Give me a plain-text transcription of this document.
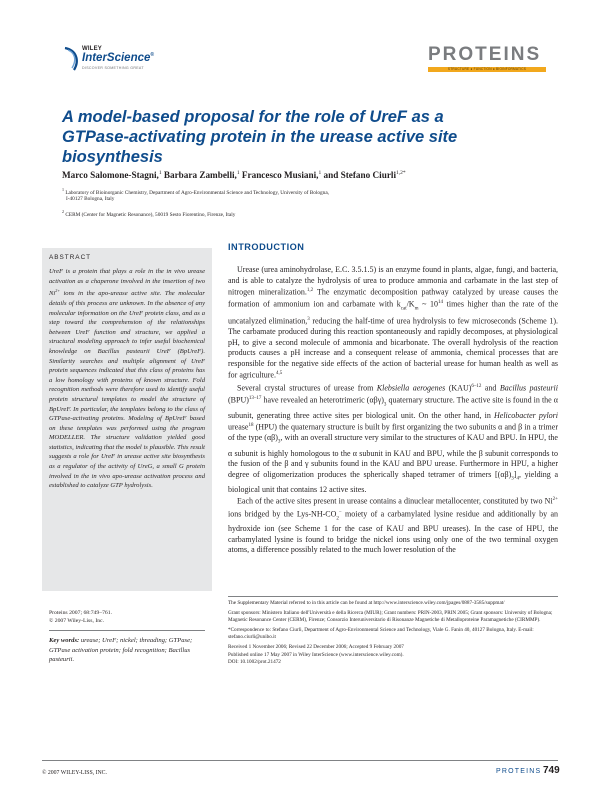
WILEY
InterScience®
DISCOVER SOMETHING GREAT
PROTEINS
STRUCTURE ● FUNCTION ● BIOINFORMATICS
A model-based proposal for the role of UreF as a GTPase-activating protein in the urease active site biosynthesis
Marco Salomone-Stagni,$^1$ Barbara Zambelli,$^1$ Francesco Musiani,$^1$ and Stefano Ciurli$^{1,2*}$
$^1$ Laboratory of Bioinorganic Chemistry, Department of Agro-Environmental Science and Technology, University of Bologna,
I-40127 Bologna, Italy
$^2$ CERM (Center for Magnetic Resonance), 50019 Sesto Fiorentino, Firenze, Italy
ABSTRACT
UreF is a protein that plays a role in the in vivo urease activation as a chaperone involved in the insertion of two $Ni^{2+}$ ions in the apo-urease active site. The molecular details of this process are unknown. In the absence of any molecular information on the UreF protein class, and as a step toward the comprehension of the relationships between UreF function and structure, we applied a structural modeling approach to infer useful biochemical knowledge on Bacillus pasteurii UreF (BpUreF). Similarity searches and multiple alignment of UreF protein sequences indicated that this class of proteins has a low homology with proteins of known structure. Fold recognition methods were therefore used to identify useful protein structural templates to model the structure of BpUreF. In particular, the templates belong to the class of GTPase-activating proteins. Modeling of BpUreF based on these templates was performed using the program MODELLER. The structure validation yielded good statistics, indicating that the model is plausible. This result suggests a role for UreF in urease active site biosynthesis as a regulator of the activity of UreG, a small G protein involved in the in vivo apo-urease activation process and established to catalyze GTP hydrolysis.
Proteins 2007; 68:749–761.
© 2007 Wiley-Liss, Inc.
Key words: urease; UreF; nickel; threading; GTPase; GTPase activation protein; fold recognition; Bacillus pasteurii.
INTRODUCTION

Urease (urea aminohydrolase, E.C. 3.5.1.5) is an enzyme found in plants, algae, fungi, and bacteria, and is able to catalyze the hydrolysis of urea to produce ammonia and carbamate in the last step of nitrogen mineralization.$^{1,2}$ The enzymatic decomposition pathway catalyzed by urease causes the formation of ammonium ion and carbamate with $k_{cat}/K_m$ ~ $10^{14}$ times higher than the rate of the uncatalyzed elimination,$^3$ reducing the half-time of urea hydrolysis to few microseconds (Scheme 1). The carbamate produced during this reaction spontaneously and rapidly decomposes, at physiological pH, to give a second molecule of ammonia and bicarbonate. The overall hydrolysis of the reaction products causes a pH increase and a consequent release of ammonia, chemical processes that are responsible for the negative side effects of the action of bacterial urease for human health as well as for agriculture.$^{4,5}$

Several crystal structures of urease from Klebsiella aerogenes (KAU)$^{6-12}$ and Bacillus pasteurii (BPU)$^{13-17}$ have revealed an heterotrimeric $(\alpha\beta\gamma)_3$ quaternary structure. The active site is found in the α subunit, generating three active sites per biological unit. On the other hand, in Helicobacter pylori urease$^{18}$ (HPU) the quaternary structure is built by first organizing the two subunits α and β in a trimer of the type $(\alpha\beta)_3$, with an overall structure very similar to the structures of KAU and BPU. In HPU, the α subunit is highly homologous to the α subunit in KAU and BPU, while the β subunit corresponds to the fusion of the β and γ subunits found in the KAU and BPU urease. Furthermore in HPU, a higher degree of oligomerization produces the spherically shaped tetramer of trimers $[(\alpha\beta)_3]_4$, yielding a biological unit that contains 12 active sites.

Each of the active sites present in urease contains a dinuclear metallocenter, constituted by two $Ni^{2+}$ ions bridged by the Lys-$NH-CO_2^-$ moiety of a carbamylated lysine residue and additionally by an hydroxide ion (see Scheme 1 for the case of KAU and BPU ureases). In the case of HPU, the carbamylated lysine is found to bridge the nickel ions using only one of the two terminal oxygen atoms, a difference possibly related to the much lower resolution of the

The Supplementary Material referred to in this article can be found at http://www.interscience.wiley.com/jpages/0887-3585/suppmat/

Grant sponsors: Ministero Italiano dell'Università e della Ricerca (MIUR); Grant numbers: PRIN-2003, PRIN 2005; Grant sponsors: University of Bologna; Magnetic Resonance Center (CERM), Firenze; Consorzio Interuniversitario di Risonanze Magnetiche di Metalloproteine Paramagnetiche (CIRMMP).

*Correspondence to: Stefano Ciurli, Department of Agro-Environmental Science and Technology, Viale G. Fanin 40, 40127 Bologna, Italy. E-mail: stefano.ciurli@unibo.it

Received 1 November 2006; Revised 22 December 2006; Accepted 9 February 2007
Published online 17 May 2007 in Wiley InterScience (www.interscience.wiley.com).
DOI: 10.1002/prot.21472
© 2007 WILEY-LISS, INC.	PROTEINS 749
